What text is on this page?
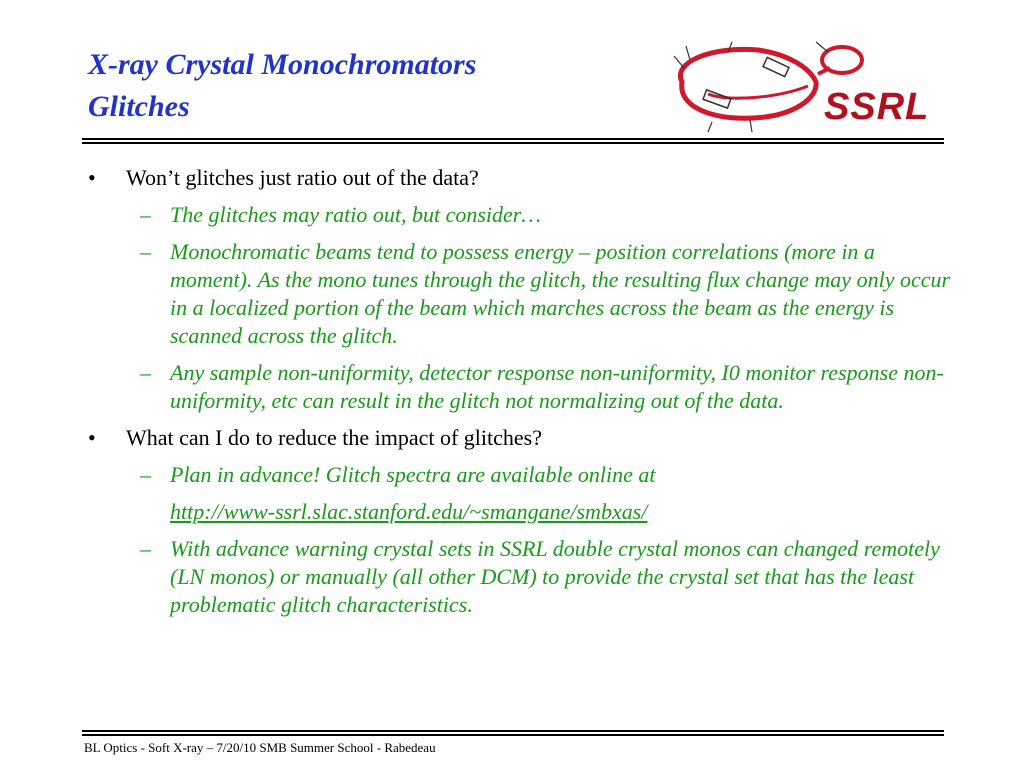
X-ray Crystal Monochromators
Glitches	SSRL
• Won’t glitches just ratio out of the data?
– The glitches may ratio out, but consider…
– Monochromatic beams tend to possess energy – position correlations (more in a moment). As the mono tunes through the glitch, the resulting flux change may only occur in a localized portion of the beam which marches across the beam as the energy is scanned across the glitch.
– Any sample non-uniformity, detector response non-uniformity, I0 monitor response non-uniformity, etc can result in the glitch not normalizing out of the data.
• What can I do to reduce the impact of glitches?
– Plan in advance! Glitch spectra are available online at
http://www-ssrl.slac.stanford.edu/~smangane/smbxas/
– With advance warning crystal sets in SSRL double crystal monos can changed remotely (LN monos) or manually (all other DCM) to provide the crystal set that has the least problematic glitch characteristics.
BL Optics - Soft X-ray – 7/20/10 SMB Summer School - Rabedeau
